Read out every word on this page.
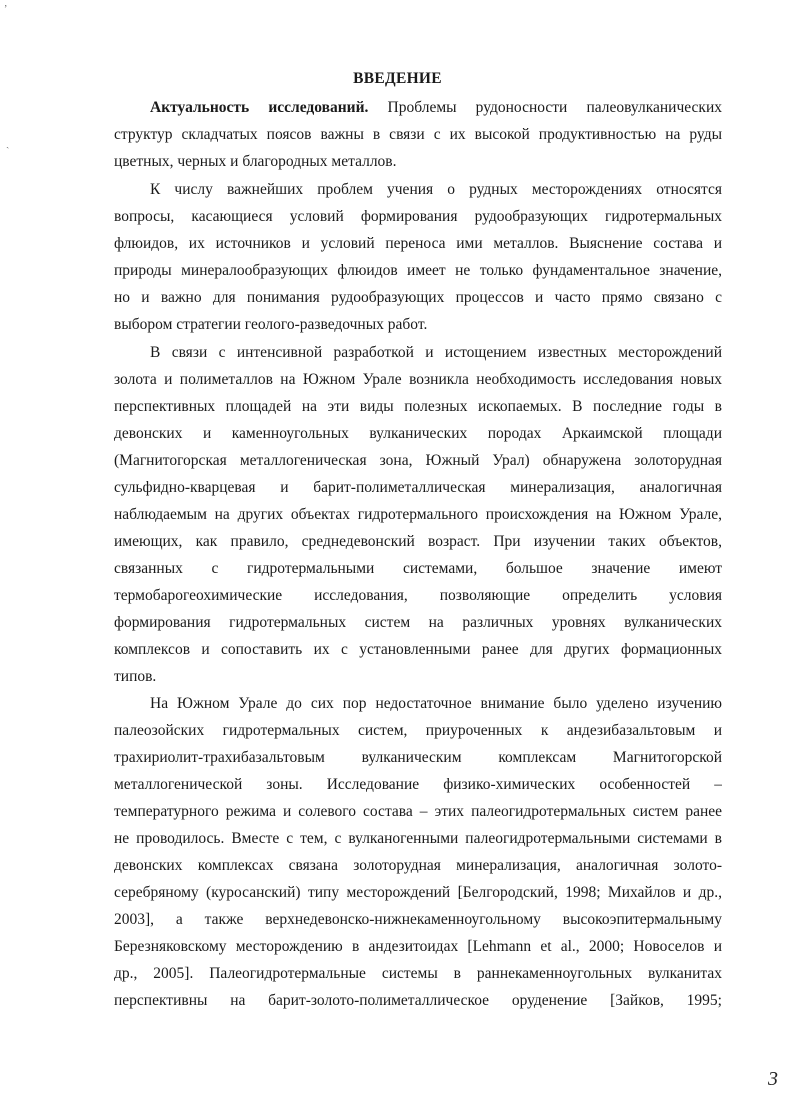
ʼ
ˏ
ВВЕДЕНИЕ
Актуальность исследований. Проблемы рудоносности палеовулканических
структур складчатых поясов важны в связи с их высокой продуктивностью на руды
цветных, черных и благородных металлов.
К числу важнейших проблем учения о рудных месторождениях относятся
вопросы, касающиеся условий формирования рудообразующих гидротермальных
флюидов, их источников и условий переноса ими металлов. Выяснение состава и
природы минералообразующих флюидов имеет не только фундаментальное значение,
но и важно для понимания рудообразующих процессов и часто прямо связано с
выбором стратегии геолого-разведочных работ.
В связи с интенсивной разработкой и истощением известных месторождений
золота и полиметаллов на Южном Урале возникла необходимость исследования новых
перспективных площадей на эти виды полезных ископаемых. В последние годы в
девонских и каменноугольных вулканических породах Аркаимской площади
(Магнитогорская металлогеническая зона, Южный Урал) обнаружена золоторудная
сульфидно-кварцевая и барит-полиметаллическая минерализация, аналогичная
наблюдаемым на других объектах гидротермального происхождения на Южном Урале,
имеющих, как правило, среднедевонский возраст. При изучении таких объектов,
связанных с гидротермальными системами, большое значение имеют
термобарогеохимические исследования, позволяющие определить условия
формирования гидротермальных систем на различных уровнях вулканических
комплексов и сопоставить их с установленными ранее для других формационных
типов.
На Южном Урале до сих пор недостаточное внимание было уделено изучению
палеозойских гидротермальных систем, приуроченных к андезибазальтовым и
трахириолит-трахибазальтовым вулканическим комплексам Магнитогорской
металлогенической зоны. Исследование физико-химических особенностей –
температурного режима и солевого состава – этих палеогидротермальных систем ранее
не проводилось. Вместе с тем, с вулканогенными палеогидротермальными системами в
девонских комплексах связана золоторудная минерализация, аналогичная золото-
серебряному (куросанский) типу месторождений [Белгородский, 1998; Михайлов и др.,
2003], а также верхнедевонско-нижнекаменноугольному высокоэпитермальныму
Березняковскому месторождению в андезитоидах [Lehmann et al., 2000; Новоселов и
др., 2005]. Палеогидротермальные системы в раннекаменноугольных вулканитах
перспективны на барит-золото-полиметаллическое оруденение [Зайков, 1995;
3
